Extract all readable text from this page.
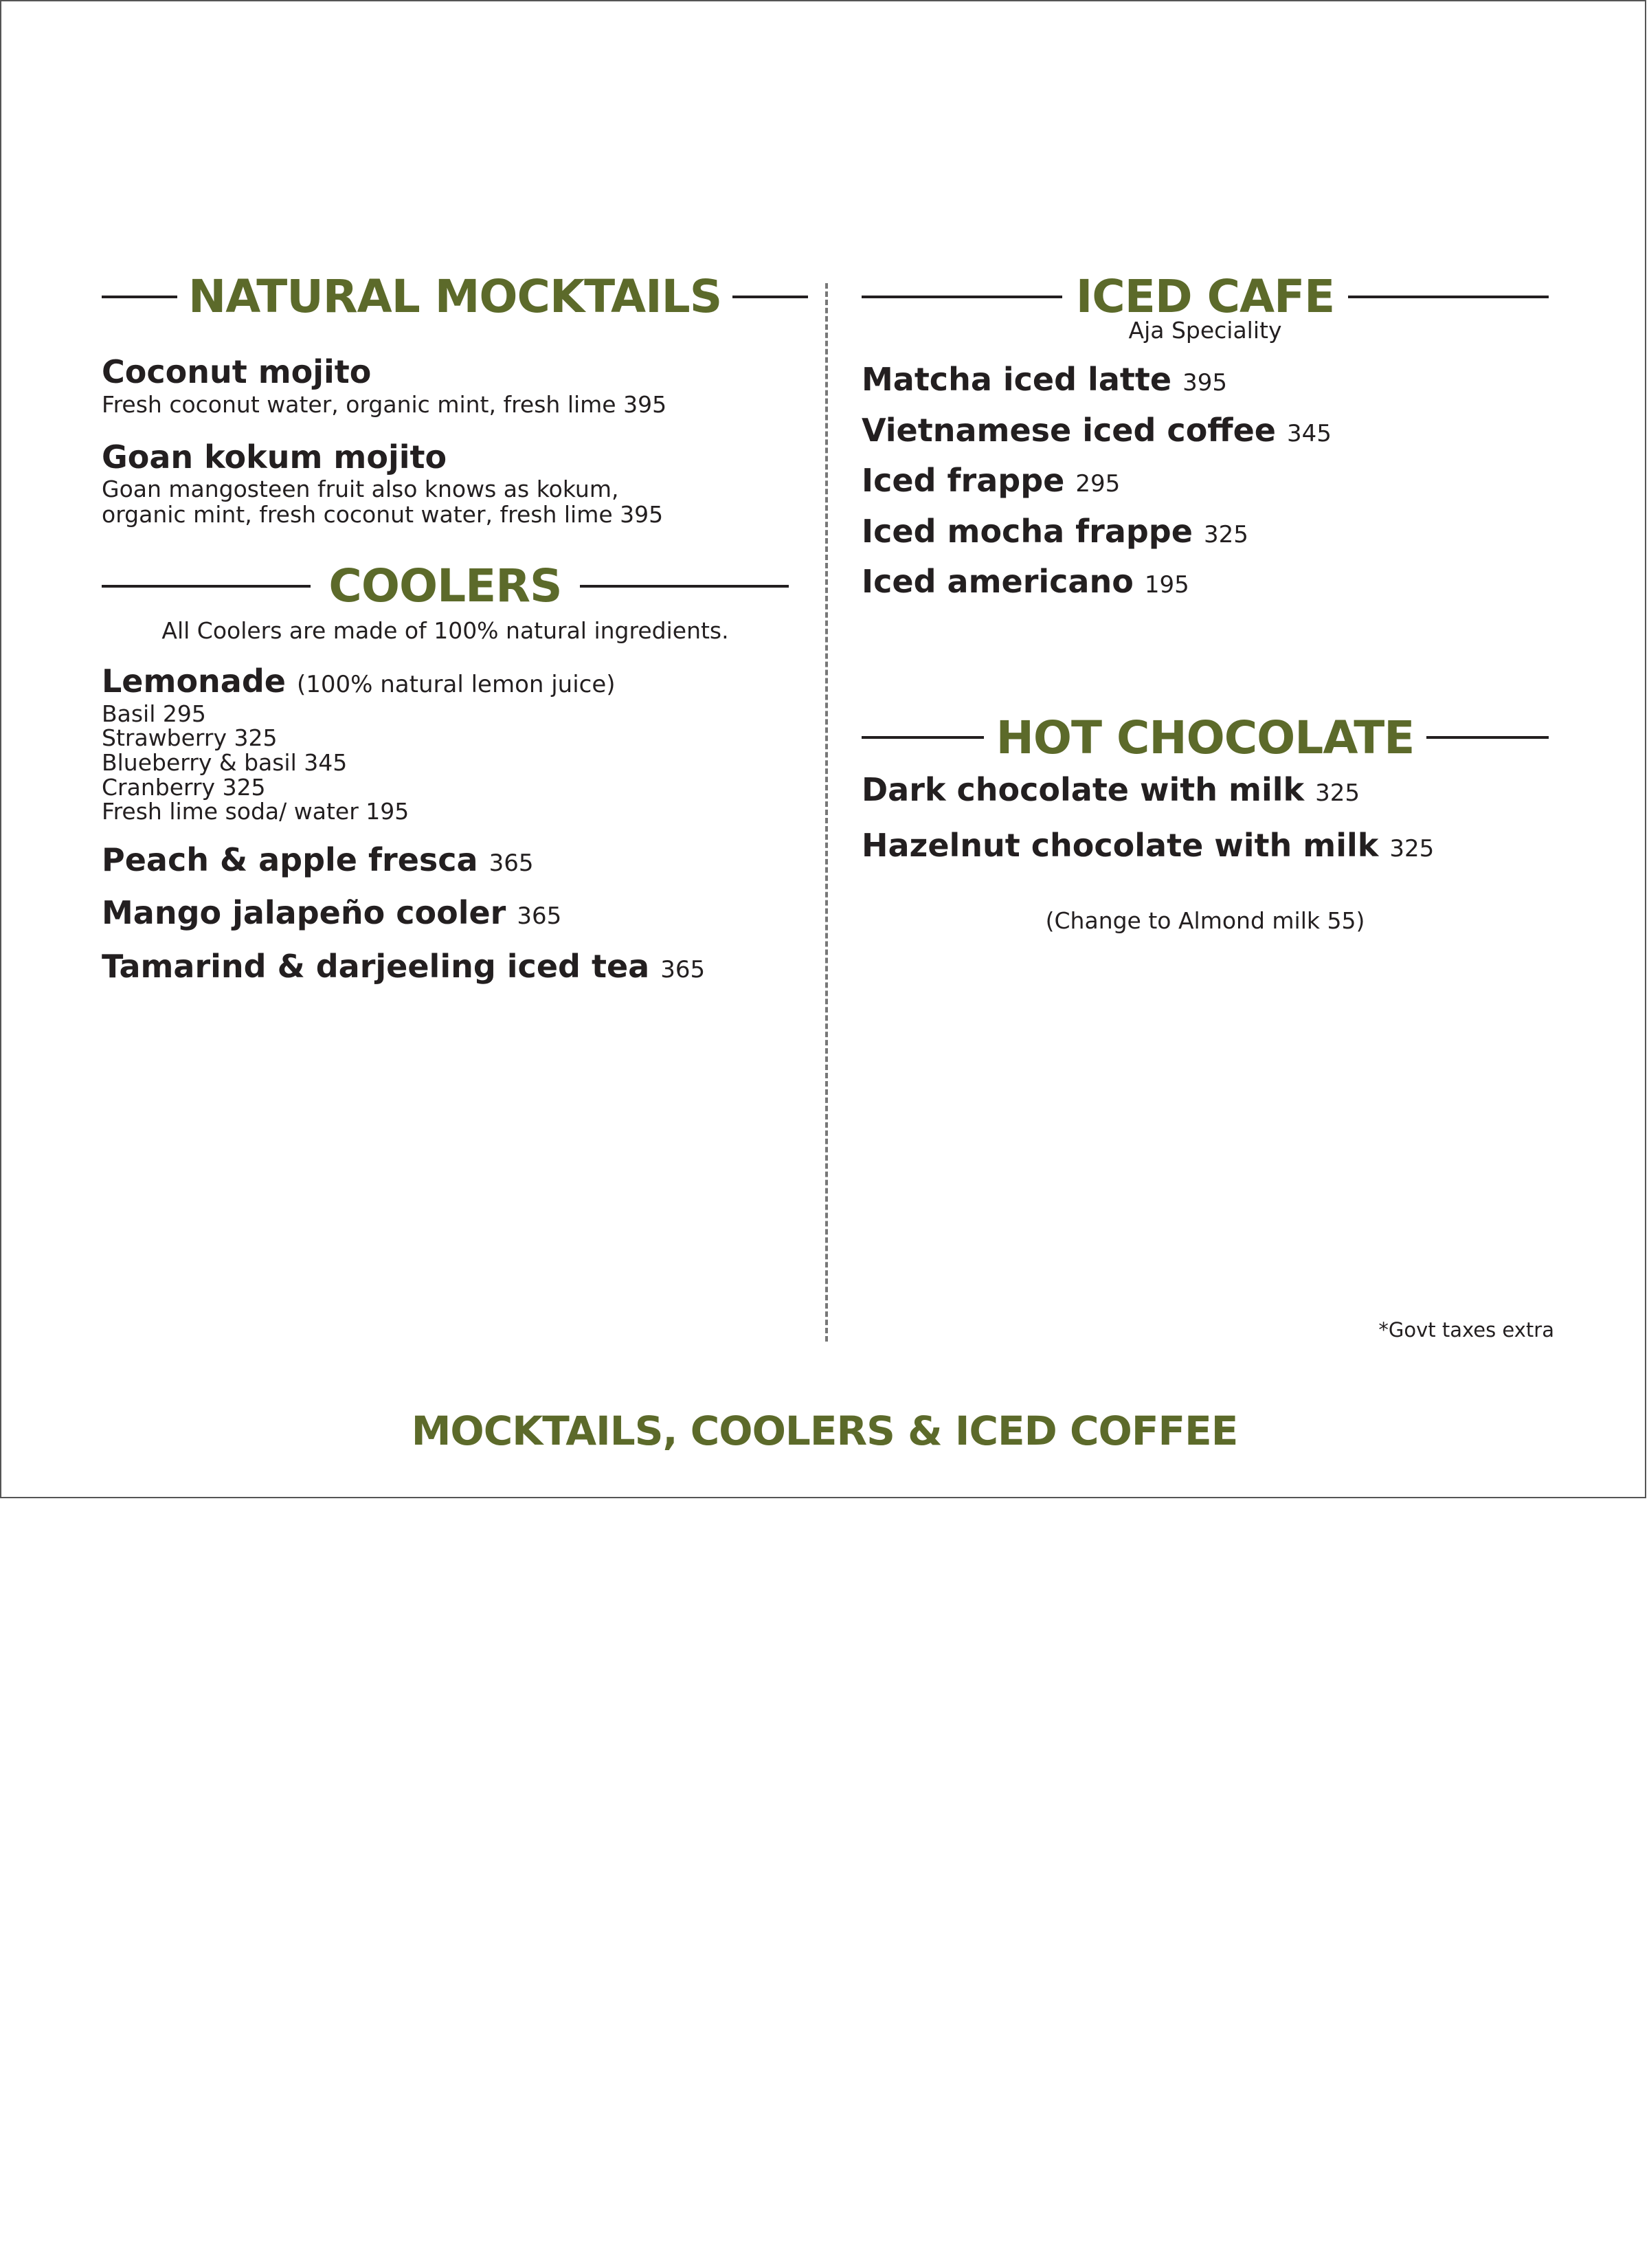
NATURAL MOCKTAILS
Coconut mojito
Fresh coconut water, organic mint, fresh lime 395
Goan kokum mojito
Goan mangosteen fruit also knows as kokum,
organic mint, fresh coconut water, fresh lime 395
COOLERS
All Coolers are made of 100% natural ingredients.
Lemonade (100% natural lemon juice)
Basil 295
Strawberry 325
Blueberry & basil 345
Cranberry 325
Fresh lime soda/ water 195
Peach & apple fresca 365
Mango jalapeño cooler 365
Tamarind & darjeeling iced tea 365
ICED CAFE
Aja Speciality
Matcha iced latte 395
Vietnamese iced coffee 345
Iced frappe 295
Iced mocha frappe 325
Iced americano 195
HOT CHOCOLATE
Dark chocolate with milk 325
Hazelnut chocolate with milk 325
(Change to Almond milk 55)
*Govt taxes extra
MOCKTAILS, COOLERS & ICED COFFEE
